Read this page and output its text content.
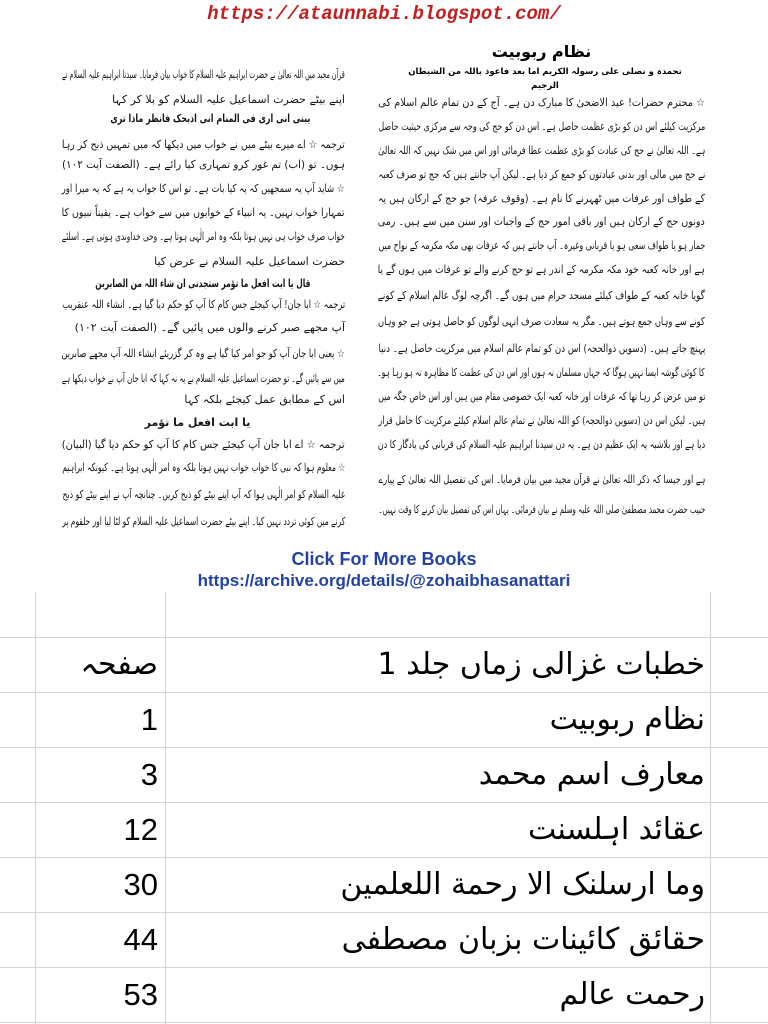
https://ataunnabi.blogspot.com/
نظام ربوبیت
نحمدہ و نصلی علی رسولہ الکریم اما بعد فاعوذ باللہ من الشیطان الرجیم
☆ محترم حضرات! عید الاضحیٰ کا مبارک دن ہے۔ آج کے دن تمام عالم اسلام کی
مرکزیت کیلئے اس دن کو بڑی عظمت حاصل ہے۔ اس دن کو حج کی وجہ سے مرکزی حیثیت حاصل
ہے۔ اللہ تعالیٰ نے حج کی عبادت کو بڑی عظمت عطا فرمائی اور اس میں شک نہیں کہ اللہ تعالیٰ
نے حج میں مالی اور بدنی عبادتوں کو جمع کر دیا ہے۔ لیکن آپ جانتے ہیں کہ حج تو صرف کعبہ
کے طواف اور عرفات میں ٹھہرنے کا نام ہے۔ (وقوف عرفہ) جو حج کے ارکان ہیں یہ
دونوں حج کے ارکان ہیں اور باقی امور حج کے واجبات اور سنن میں سے ہیں۔ رمی
جمار ہو یا طواف سعی ہو یا قربانی وغیرہ۔ آپ جانتے ہیں کہ عرفات بھی مکہ مکرمہ کے نواح میں
ہے اور خانہ کعبہ خود مکہ مکرمہ کے اندر ہے تو حج کرنے والے تو عرفات میں ہوں گے یا
گویا خانہ کعبہ کے طواف کیلئے مسجد حرام میں ہوں گے۔ اگرچہ لوگ عالم اسلام کے کونے
کونے سے وہاں جمع ہوتے ہیں۔ مگر یہ سعادت صرف انہی لوگوں کو حاصل ہوتی ہے جو وہاں
پہنچ جاتے ہیں۔ (دسویں ذوالحجہ) اس دن کو تمام عالم اسلام میں مرکزیت حاصل ہے۔ دنیا
کا کوئی گوشہ ایسا نہیں ہوگا کہ جہاں مسلمان نہ ہوں اور اس دن کی عظمت کا مظاہرہ نہ ہو رہا ہو۔
تو میں عرض کر رہا تھا کہ عرفات اور خانہ کعبہ ایک خصوصی مقام میں ہیں اور اس خاص جگہ میں
ہیں۔ لیکن اس دن (دسویں ذوالحجہ) کو اللہ تعالیٰ نے تمام عالم اسلام کیلئے مرکزیت کا حامل قرار
دیا ہے اور بلاشبہ یہ ایک عظیم دن ہے۔ یہ دن سیدنا ابراہیم علیہ السلام کی قربانی کی یادگار کا دن
ہے اور جیسا کہ ذکر اللہ تعالیٰ نے قرآن مجید میں بیان فرمایا۔ اس کی تفصیل اللہ تعالیٰ کے پیارے
حبیب حضرت محمد مصطفیٰ صلی اللہ علیہ وسلم نے بیان فرمائی۔ یہاں اس کی تفصیل بیان کرنے کا وقت نہیں۔
قرآن مجید میں اللہ تعالیٰ نے حضرت ابراہیم علیہ السلام کا خواب بیان فرمایا۔ سیدنا ابراہیم علیہ السلام نے
اپنے بیٹے حضرت اسماعیل علیہ السلام کو بلا کر کہا
یبنی انی اری فی المنام انی اذبحک فانظر ماذا تری
ترجمہ ☆ اے میرے بیٹے میں نے خواب میں دیکھا کہ میں تمہیں ذبح کر رہا
ہوں۔ تو (اب) تم غور کرو تمہاری کیا رائے ہے۔ (الصفت آیت ۱۰۲)
☆ شاید آپ یہ سمجھیں کہ یہ کیا بات ہے۔ تو اس کا جواب یہ ہے کہ یہ میرا اور
تمہارا خواب نہیں۔ یہ انبیاء کے خوابوں میں سے خواب ہے۔ یقیناً نبیوں کا
خواب صرف خواب ہی نہیں ہوتا بلکہ وہ امر الٰہی ہوتا ہے۔ وحی خداوندی ہوتی ہے۔ اسلئے
حضرت اسماعیل علیہ السلام نے عرض کیا
قال یا ابت افعل ما تؤمر ستجدنی ان شاء اللہ من الصابرین
ترجمہ ☆ ابا جان! آپ کیجئے جس کام کا آپ کو حکم دیا گیا ہے۔ انشاء اللہ عنقریب
آپ مجھے صبر کرنے والوں میں پائیں گے۔ (الصفت آیت ۱۰۲)
☆ یعنی ابا جان آپ کو جو امر کیا گیا ہے وہ کر گزریئے انشاء اللہ آپ مجھے صابرین
میں سے پائیں گے۔ تو حضرت اسماعیل علیہ السلام نے یہ نہ کہا کہ ابا جان آپ نے خواب دیکھا ہے
اس کے مطابق عمل کیجئے بلکہ کہا
یا ابت افعل ما تؤمر
ترجمہ ☆ اے ابا جان آپ کیجئے جس کام کا آپ کو حکم دیا گیا (البیان)
☆ معلوم ہوا کہ نبی کا خواب خواب نہیں ہوتا بلکہ وہ امر الٰہی ہوتا ہے۔ کیونکہ ابراہیم
علیہ السلام کو امر الٰہی ہوا کہ آپ اپنے بیٹے کو ذبح کریں۔ چنانچہ آپ نے اپنے بیٹے کو ذبح
کرنے میں کوئی تردد نہیں کیا۔ اپنے بیٹے حضرت اسماعیل علیہ السلام کو لٹا لیا اور حلقوم پر
Click For More Books
https://archive.org/details/@zohaibhasanattari
خطبات غزالی زماں جلد 1
صفحہ
نظام ربوبیت
1
معارف اسم محمد
3
عقائد اہلسنت
12
وما ارسلنک الا رحمة اللعلمین
30
حقائق کائینات بزبان مصطفی
44
رحمت عالم
53
